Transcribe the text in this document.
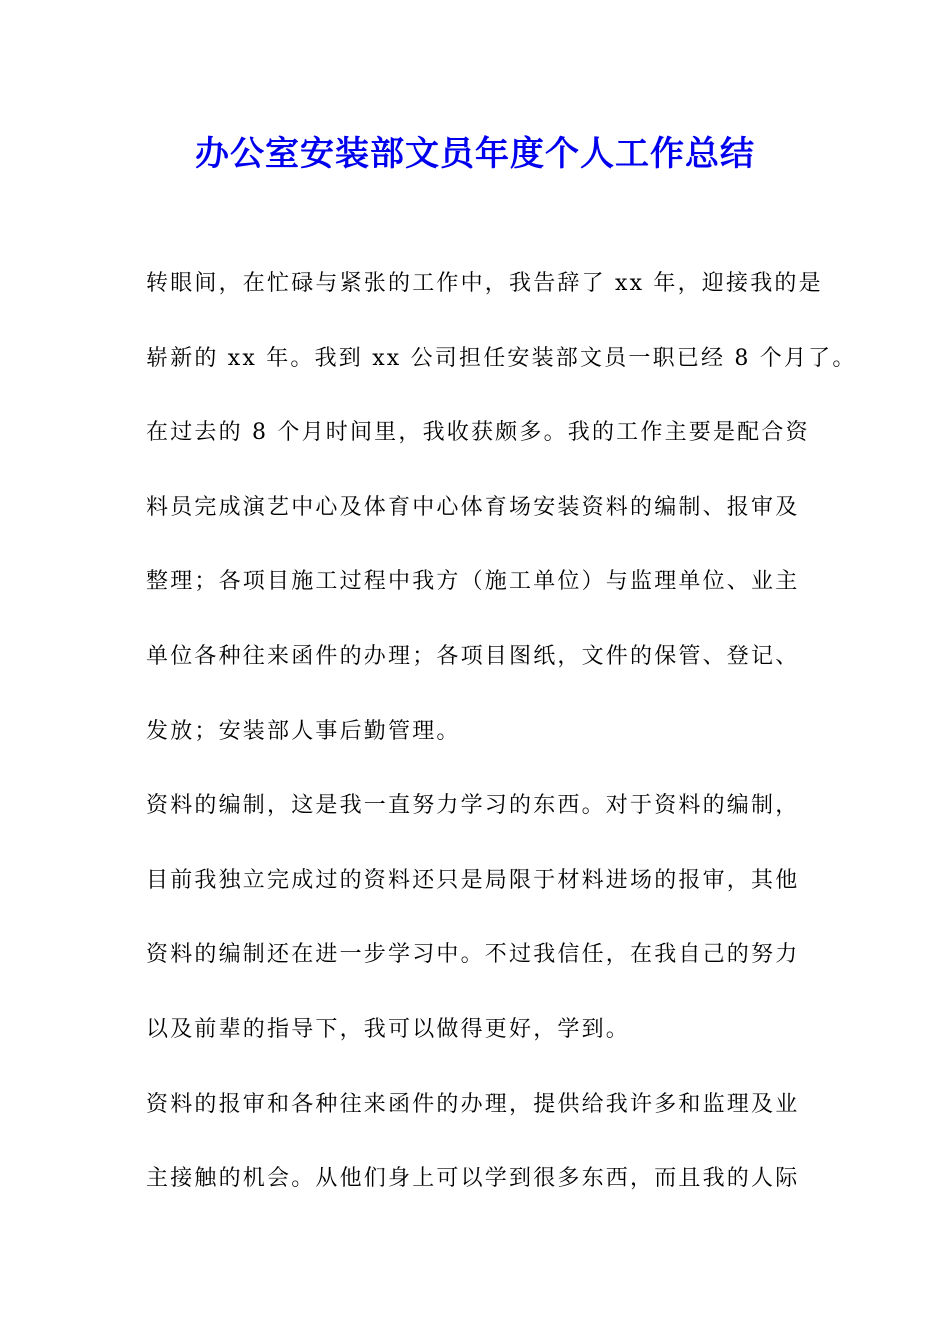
办公室安装部文员年度个人工作总结
转眼间，在忙碌与紧张的工作中，我告辞了 xx 年，迎接我的是
崭新的 xx 年。我到 xx 公司担任安装部文员一职已经 8 个月了。
在过去的 8 个月时间里，我收获颇多。我的工作主要是配合资
料员完成演艺中心及体育中心体育场安装资料的编制、报审及
整理；各项目施工过程中我方（施工单位）与监理单位、业主
单位各种往来函件的办理；各项目图纸，文件的保管、登记、
发放；安装部人事后勤管理。
资料的编制，这是我一直努力学习的东西。对于资料的编制，
目前我独立完成过的资料还只是局限于材料进场的报审，其他
资料的编制还在进一步学习中。不过我信任，在我自己的努力
以及前辈的指导下，我可以做得更好，学到。
资料的报审和各种往来函件的办理，提供给我许多和监理及业
主接触的机会。从他们身上可以学到很多东西，而且我的人际
